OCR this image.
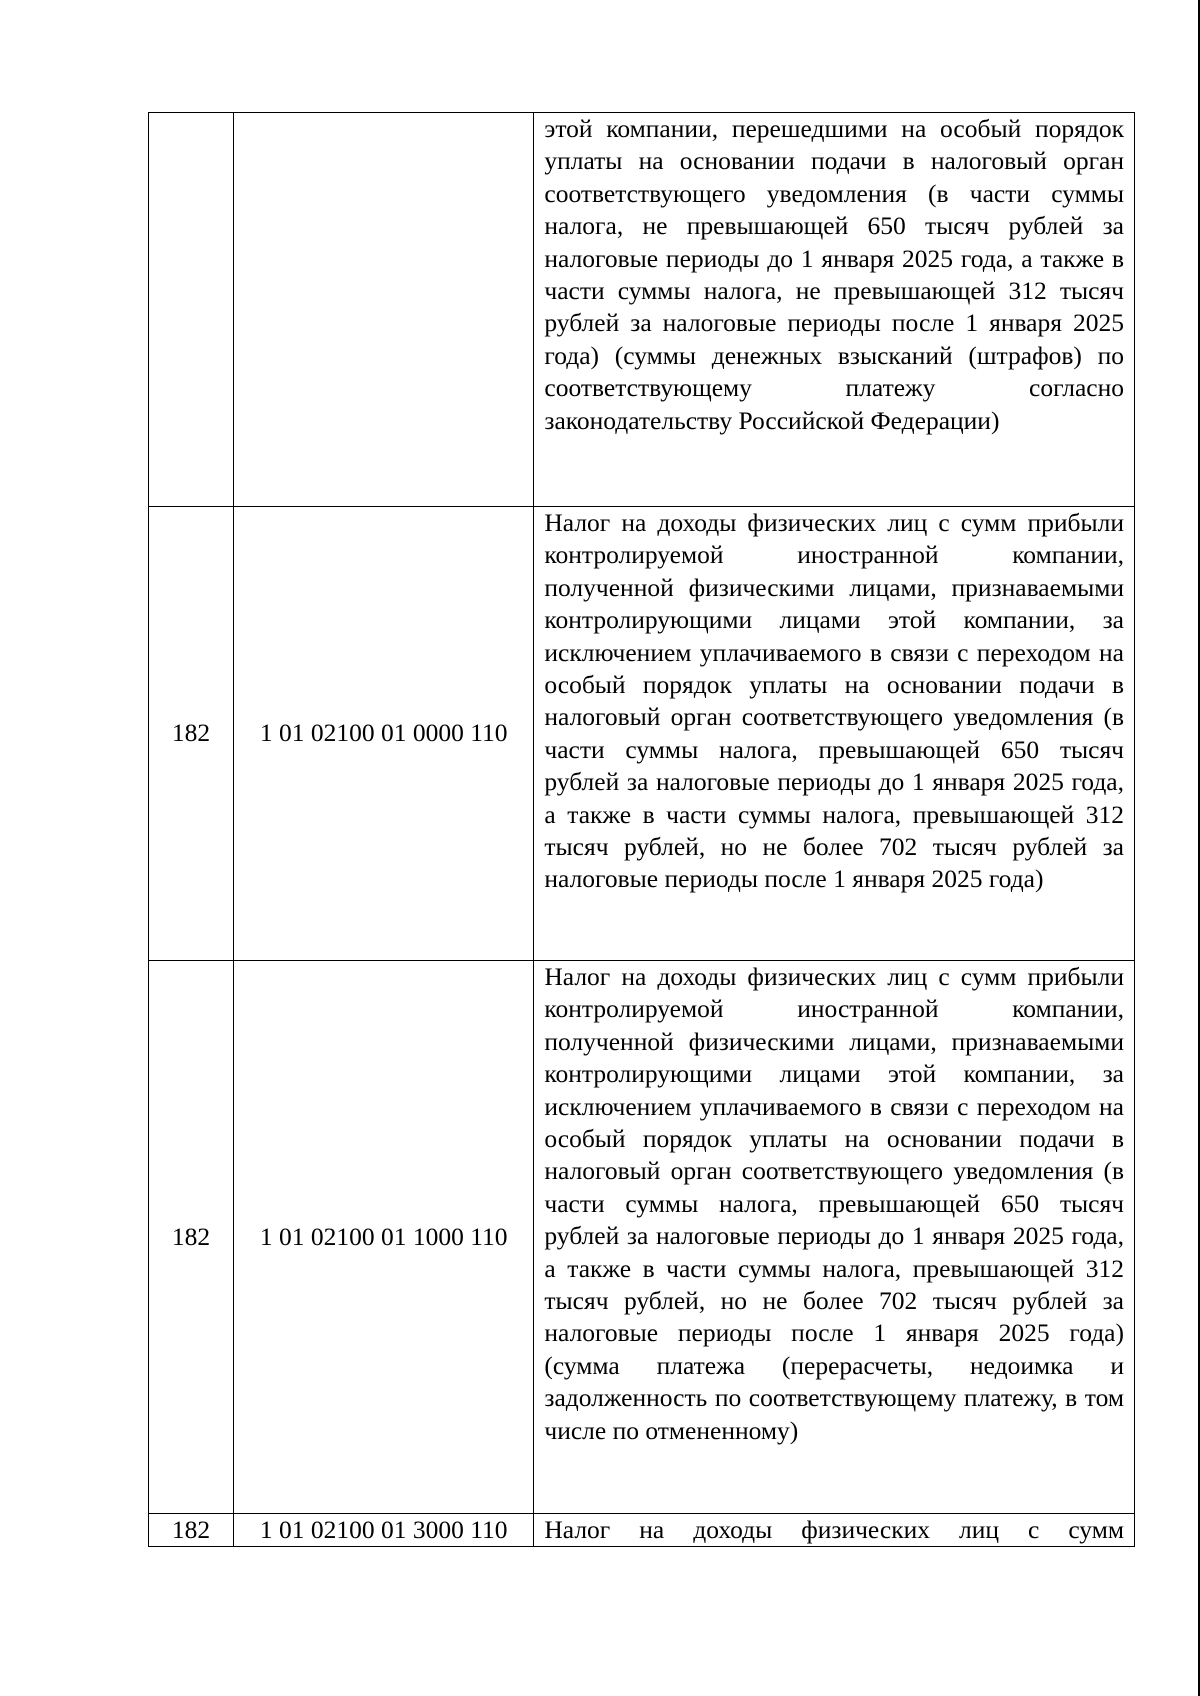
		этой компании, перешедшими на особый порядок уплаты на основании подачи в налоговый орган соответствующего уведомления (в части суммы налога, не превышающей 650 тысяч рублей за налоговые периоды до 1 января 2025 года, а также в части суммы налога, не превышающей 312 тысяч рублей за налоговые периоды после 1 января 2025 года) (суммы денежных взысканий (штрафов) по соответствующему платежу согласно законодательству Российской Федерации)
182	1 01 02100 01 0000 110	Налог на доходы физических лиц с сумм прибыли контролируемой иностранной компании, полученной физическими лицами, признаваемыми контролирующими лицами этой компании, за исключением уплачиваемого в связи с переходом на особый порядок уплаты на основании подачи в налоговый орган соответствующего уведомления (в части суммы налога, превышающей 650 тысяч рублей за налоговые периоды до 1 января 2025 года, а также в части суммы налога, превышающей 312 тысяч рублей, но не более 702 тысяч рублей за налоговые периоды после 1 января 2025 года)
182	1 01 02100 01 1000 110	Налог на доходы физических лиц с сумм прибыли контролируемой иностранной компании, полученной физическими лицами, признаваемыми контролирующими лицами этой компании, за исключением уплачиваемого в связи с переходом на особый порядок уплаты на основании подачи в налоговый орган соответствующего уведомления (в части суммы налога, превышающей 650 тысяч рублей за налоговые периоды до 1 января 2025 года, а также в части суммы налога, превышающей 312 тысяч рублей, но не более 702 тысяч рублей за налоговые периоды после 1 января 2025 года) (сумма платежа (перерасчеты, недоимка и задолженность по соответствующему платежу, в том числе по отмененному)
182	1 01 02100 01 3000 110	Налог на доходы физических лиц с сумм
